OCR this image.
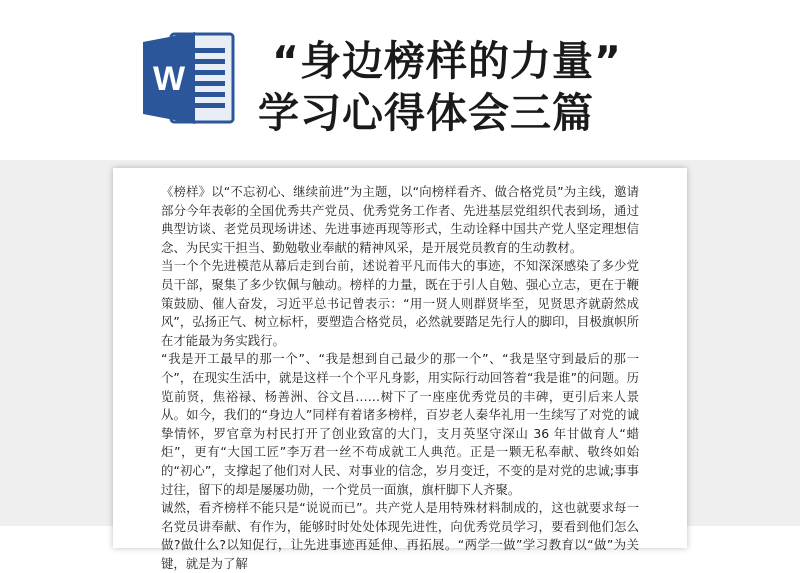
W “身边榜样的力量”
学习心得体会三篇

《榜样》以“不忘初心、继续前进”为主题，以“向榜样看齐、做合格党员”为主线，邀请部分今年表彰的全国优秀共产党员、优秀党务工作者、先进基层党组织代表到场，通过典型访谈、老党员现场讲述、先进事迹再现等形式，生动诠释中国共产党人坚定理想信念、为民实干担当、勤勉敬业奉献的精神风采，是开展党员教育的生动教材。

当一个个先进模范从幕后走到台前，述说着平凡而伟大的事迹，不知深深感染了多少党员干部，聚集了多少钦佩与触动。榜样的力量，既在于引人自勉、强心立志，更在于鞭策鼓励、催人奋发，习近平总书记曾表示：“用一贤人则群贤毕至，见贤思齐就蔚然成风”，弘扬正气、树立标杆，要塑造合格党员，必然就要踏足先行人的脚印，目极旗帜所在才能最为务实践行。

“我是开工最早的那一个”、“我是想到自己最少的那一个”、“我是坚守到最后的那一个”，在现实生活中，就是这样一个个平凡身影，用实际行动回答着“我是谁”的问题。历览前贤，焦裕禄、杨善洲、谷文昌……树下了一座座优秀党员的丰碑，更引后来人景从。如今，我们的“身边人”同样有着诸多榜样，百岁老人秦华礼用一生续写了对党的诚挚情怀，罗官章为村民打开了创业致富的大门，支月英坚守深山 36 年甘做育人“蜡炬”，更有“大国工匠”李万君一丝不苟成就工人典范。正是一颗无私奉献、敬终如始的“初心”，支撑起了他们对人民、对事业的信念，岁月变迁，不变的是对党的忠诚;事事过往，留下的却是屡屡功勋，一个党员一面旗，旗杆脚下人齐聚。

诚然，看齐榜样不能只是“说说而已”。共产党人是用特殊材料制成的，这也就要求每一名党员讲奉献、有作为，能够时时处处体现先进性，向优秀党员学习，要看到他们怎么做?做什么?以知促行，让先进事迹再延伸、再拓展。“两学一做”学习教育以“做”为关键，就是为了解
